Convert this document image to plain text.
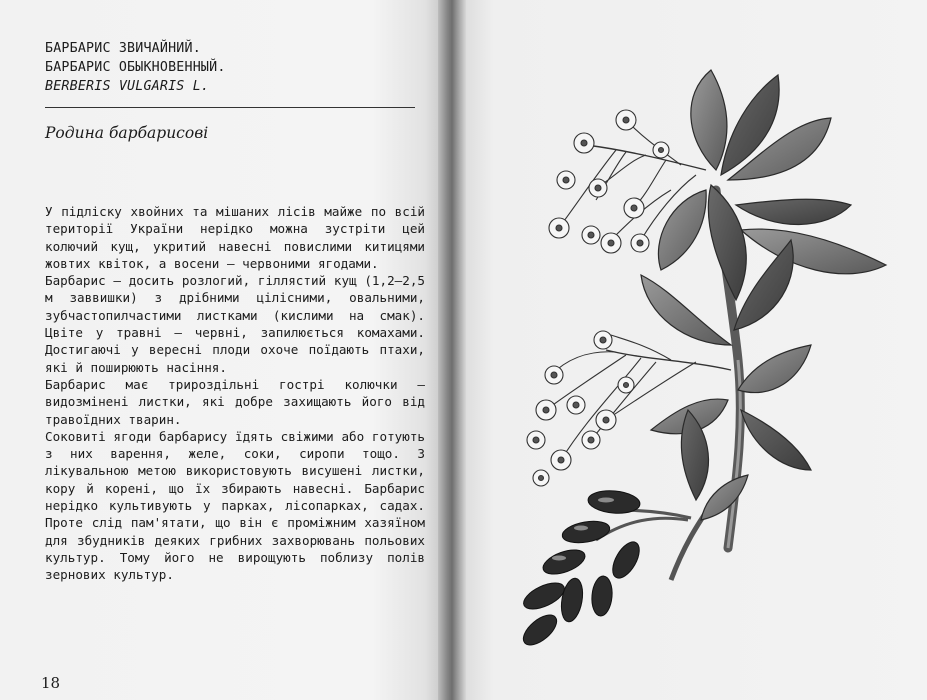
БАРБАРИС ЗВИЧАЙНИЙ.
БАРБАРИС ОБЫКНОВЕННЫЙ.
BERBERIS VULGARIS L.
Родина барбарисові

У підліску хвойних та мішаних лісів майже по всій території України нерідко можна зустріти цей колючий кущ, укритий навесні повислими китицями жовтих квіток, а восени — червоними ягодами.

Барбарис — досить розлогий, гіллястий кущ (1,2—2,5 м заввишки) з дрібними цілісними, овальними, зубчастопилчастими листками (кислими на смак). Цвіте у травні — червні, запилюється комахами. Достигаючі у вересні плоди охоче поїдають птахи, які й поширюють насіння.

Барбарис має трироздільні гострі колючки — видозмінені листки, які добре захищають його від травоїдних тварин.

Соковиті ягоди барбарису їдять свіжими або готують з них варення, желе, соки, сиропи тощо. З лікувальною метою використовують висушені листки, кору й корені, що їх збирають навесні. Барбарис нерідко культивують у парках, лісопарках, садах. Проте слід пам'ятати, що він є проміжним хазяїном для збудників деяких грибних захворювань польових культур. Тому його не вирощують поблизу полів зернових культур.

18
